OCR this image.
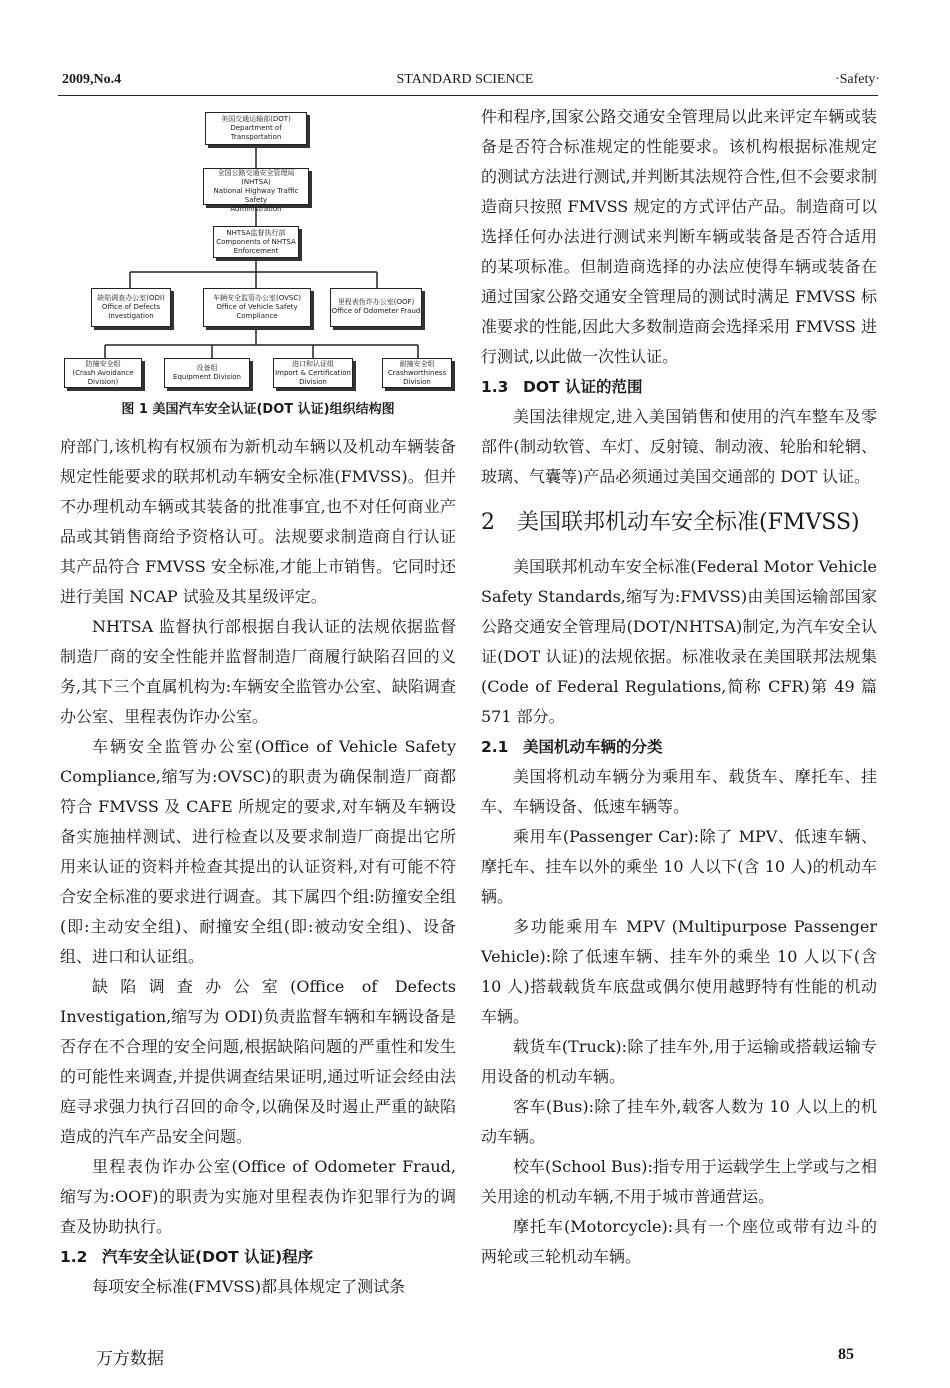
2009,No.4	STANDARD SCIENCE	·Safety·
美国交通运输部(DOT)
Department of Transportation
全国公路交通安全管理局
(NHTSA)
National Highway Traffic Safety
Administration
NHTSA监督执行部
Components of NHTSA
Enforcement
缺陷调查办公室(ODI)
Office of Defects
Investigation
车辆安全监管办公室(OVSC)
Office of Vehicle Safety
Compliance
里程表伪诈办公室(OOF)
Office of Odometer Fraud
防撞安全组
(Crash Avoidance
Division)
设备组
Equipment Division
进口和认证组
Import & Certification
Division
耐撞安全组
Crashworthiness
Division
图 1 美国汽车安全认证(DOT 认证)组织结构图

府部门,该机构有权颁布为新机动车辆以及机动车辆装备规定性能要求的联邦机动车辆安全标准(FMVSS)。但并不办理机动车辆或其装备的批准事宜,也不对任何商业产品或其销售商给予资格认可。法规要求制造商自行认证其产品符合 FMVSS 安全标准,才能上市销售。它同时还进行美国 NCAP 试验及其星级评定。

NHTSA 监督执行部根据自我认证的法规依据监督制造厂商的安全性能并监督制造厂商履行缺陷召回的义务,其下三个直属机构为:车辆安全监管办公室、缺陷调查办公室、里程表伪诈办公室。

车辆安全监管办公室(Office of Vehicle Safety Compliance,缩写为:OVSC)的职责为确保制造厂商都符合 FMVSS 及 CAFE 所规定的要求,对车辆及车辆设备实施抽样测试、进行检查以及要求制造厂商提出它所用来认证的资料并检查其提出的认证资料,对有可能不符合安全标准的要求进行调查。其下属四个组:防撞安全组(即:主动安全组)、耐撞安全组(即:被动安全组)、设备组、进口和认证组。

缺陷调查办公室(Office of Defects Investigation,缩写为 ODI)负责监督车辆和车辆设备是否存在不合理的安全问题,根据缺陷问题的严重性和发生的可能性来调查,并提供调查结果证明,通过听证会经由法庭寻求强力执行召回的命令,以确保及时遏止严重的缺陷造成的汽车产品安全问题。

里程表伪诈办公室(Office of Odometer Fraud,缩写为:OOF)的职责为实施对里程表伪诈犯罪行为的调查及协助执行。

1.2 汽车安全认证(DOT 认证)程序

每项安全标准(FMVSS)都具体规定了测试条

件和程序,国家公路交通安全管理局以此来评定车辆或装备是否符合标准规定的性能要求。该机构根据标准规定的测试方法进行测试,并判断其法规符合性,但不会要求制造商只按照 FMVSS 规定的方式评估产品。制造商可以选择任何办法进行测试来判断车辆或装备是否符合适用的某项标准。但制造商选择的办法应使得车辆或装备在通过国家公路交通安全管理局的测试时满足 FMVSS 标准要求的性能,因此大多数制造商会选择采用 FMVSS 进行测试,以此做一次性认证。

1.3 DOT 认证的范围

美国法律规定,进入美国销售和使用的汽车整车及零部件(制动软管、车灯、反射镜、制动液、轮胎和轮辋、玻璃、气囊等)产品必须通过美国交通部的 DOT 认证。

2 美国联邦机动车安全标准(FMVSS)

美国联邦机动车安全标准(Federal Motor Vehicle Safety Standards,缩写为:FMVSS)由美国运输部国家公路交通安全管理局(DOT/NHTSA)制定,为汽车安全认证(DOT 认证)的法规依据。标准收录在美国联邦法规集(Code of Federal Regulations,简称 CFR)第 49 篇 571 部分。

2.1 美国机动车辆的分类

美国将机动车辆分为乘用车、载货车、摩托车、挂车、车辆设备、低速车辆等。

乘用车(Passenger Car):除了 MPV、低速车辆、摩托车、挂车以外的乘坐 10 人以下(含 10 人)的机动车辆。

多功能乘用车 MPV (Multipurpose Passenger Vehicle):除了低速车辆、挂车外的乘坐 10 人以下(含 10 人)搭载载货车底盘或偶尔使用越野特有性能的机动车辆。

载货车(Truck):除了挂车外,用于运输或搭载运输专用设备的机动车辆。

客车(Bus):除了挂车外,载客人数为 10 人以上的机动车辆。

校车(School Bus):指专用于运载学生上学或与之相关用途的机动车辆,不用于城市普通营运。

摩托车(Motorcycle):具有一个座位或带有边斗的两轮或三轮机动车辆。

万方数据	85
